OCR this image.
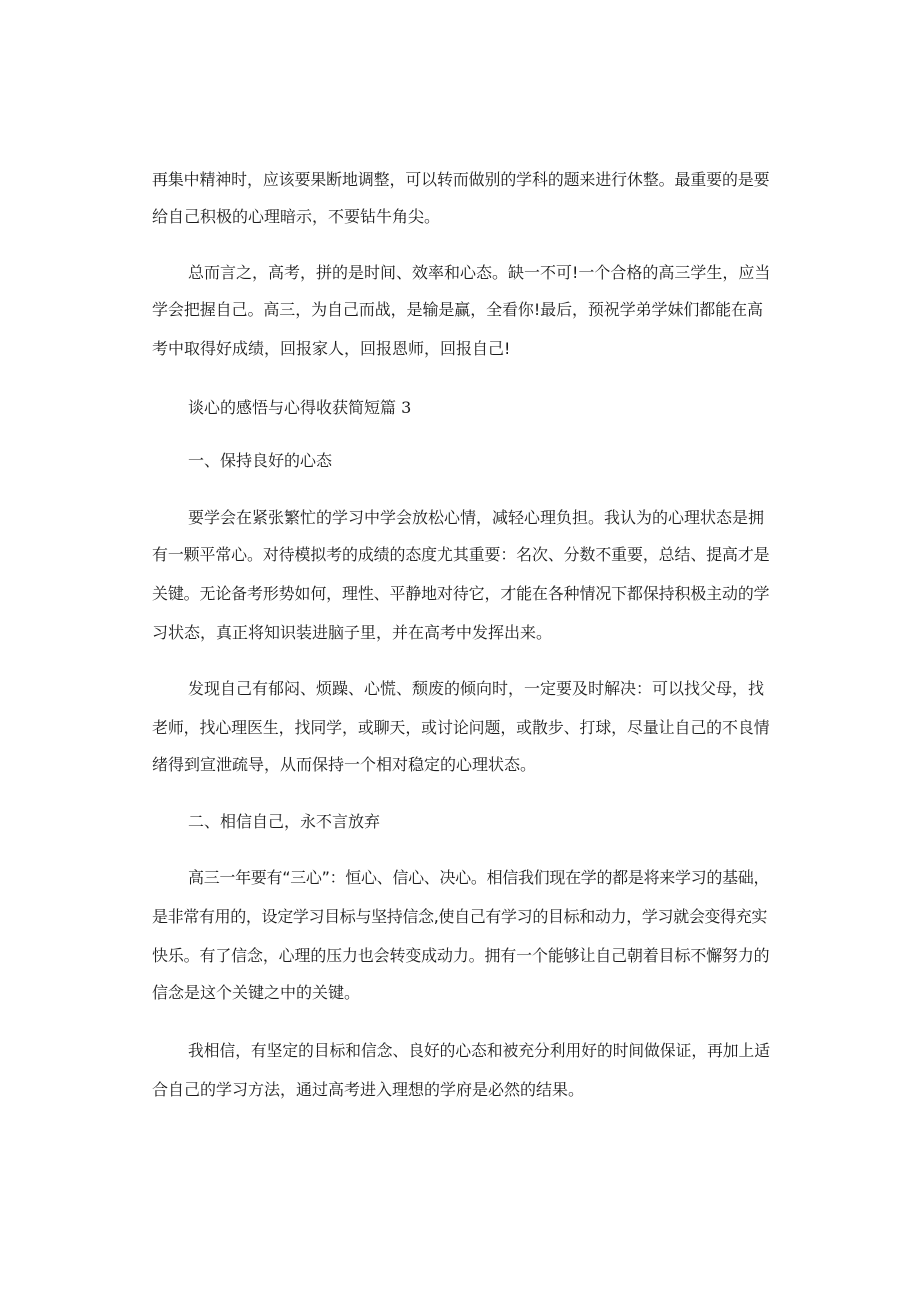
再集中精神时，应该要果断地调整，可以转而做别的学科的题来进行休整。最重要的是要

给自己积极的心理暗示，不要钻牛角尖。

总而言之，高考，拼的是时间、效率和心态。缺一不可!一个合格的高三学生，应当

学会把握自己。高三，为自己而战，是输是赢，全看你!最后，预祝学弟学妹们都能在高

考中取得好成绩，回报家人，回报恩师，回报自己!

谈心的感悟与心得收获简短篇 3

一、保持良好的心态

要学会在紧张繁忙的学习中学会放松心情，减轻心理负担。我认为的心理状态是拥

有一颗平常心。对待模拟考的成绩的态度尤其重要：名次、分数不重要，总结、提高才是

关键。无论备考形势如何，理性、平静地对待它，才能在各种情况下都保持积极主动的学

习状态，真正将知识装进脑子里，并在高考中发挥出来。

发现自己有郁闷、烦躁、心慌、颓废的倾向时，一定要及时解决：可以找父母，找

老师，找心理医生，找同学，或聊天，或讨论问题，或散步、打球，尽量让自己的不良情

绪得到宣泄疏导，从而保持一个相对稳定的心理状态。

二、相信自己，永不言放弃

高三一年要有“三心”：恒心、信心、决心。相信我们现在学的都是将来学习的基础，

是非常有用的，设定学习目标与坚持信念,使自己有学习的目标和动力，学习就会变得充实

快乐。有了信念，心理的压力也会转变成动力。拥有一个能够让自己朝着目标不懈努力的

信念是这个关键之中的关键。

我相信，有坚定的目标和信念、良好的心态和被充分利用好的时间做保证，再加上适

合自己的学习方法，通过高考进入理想的学府是必然的结果。
